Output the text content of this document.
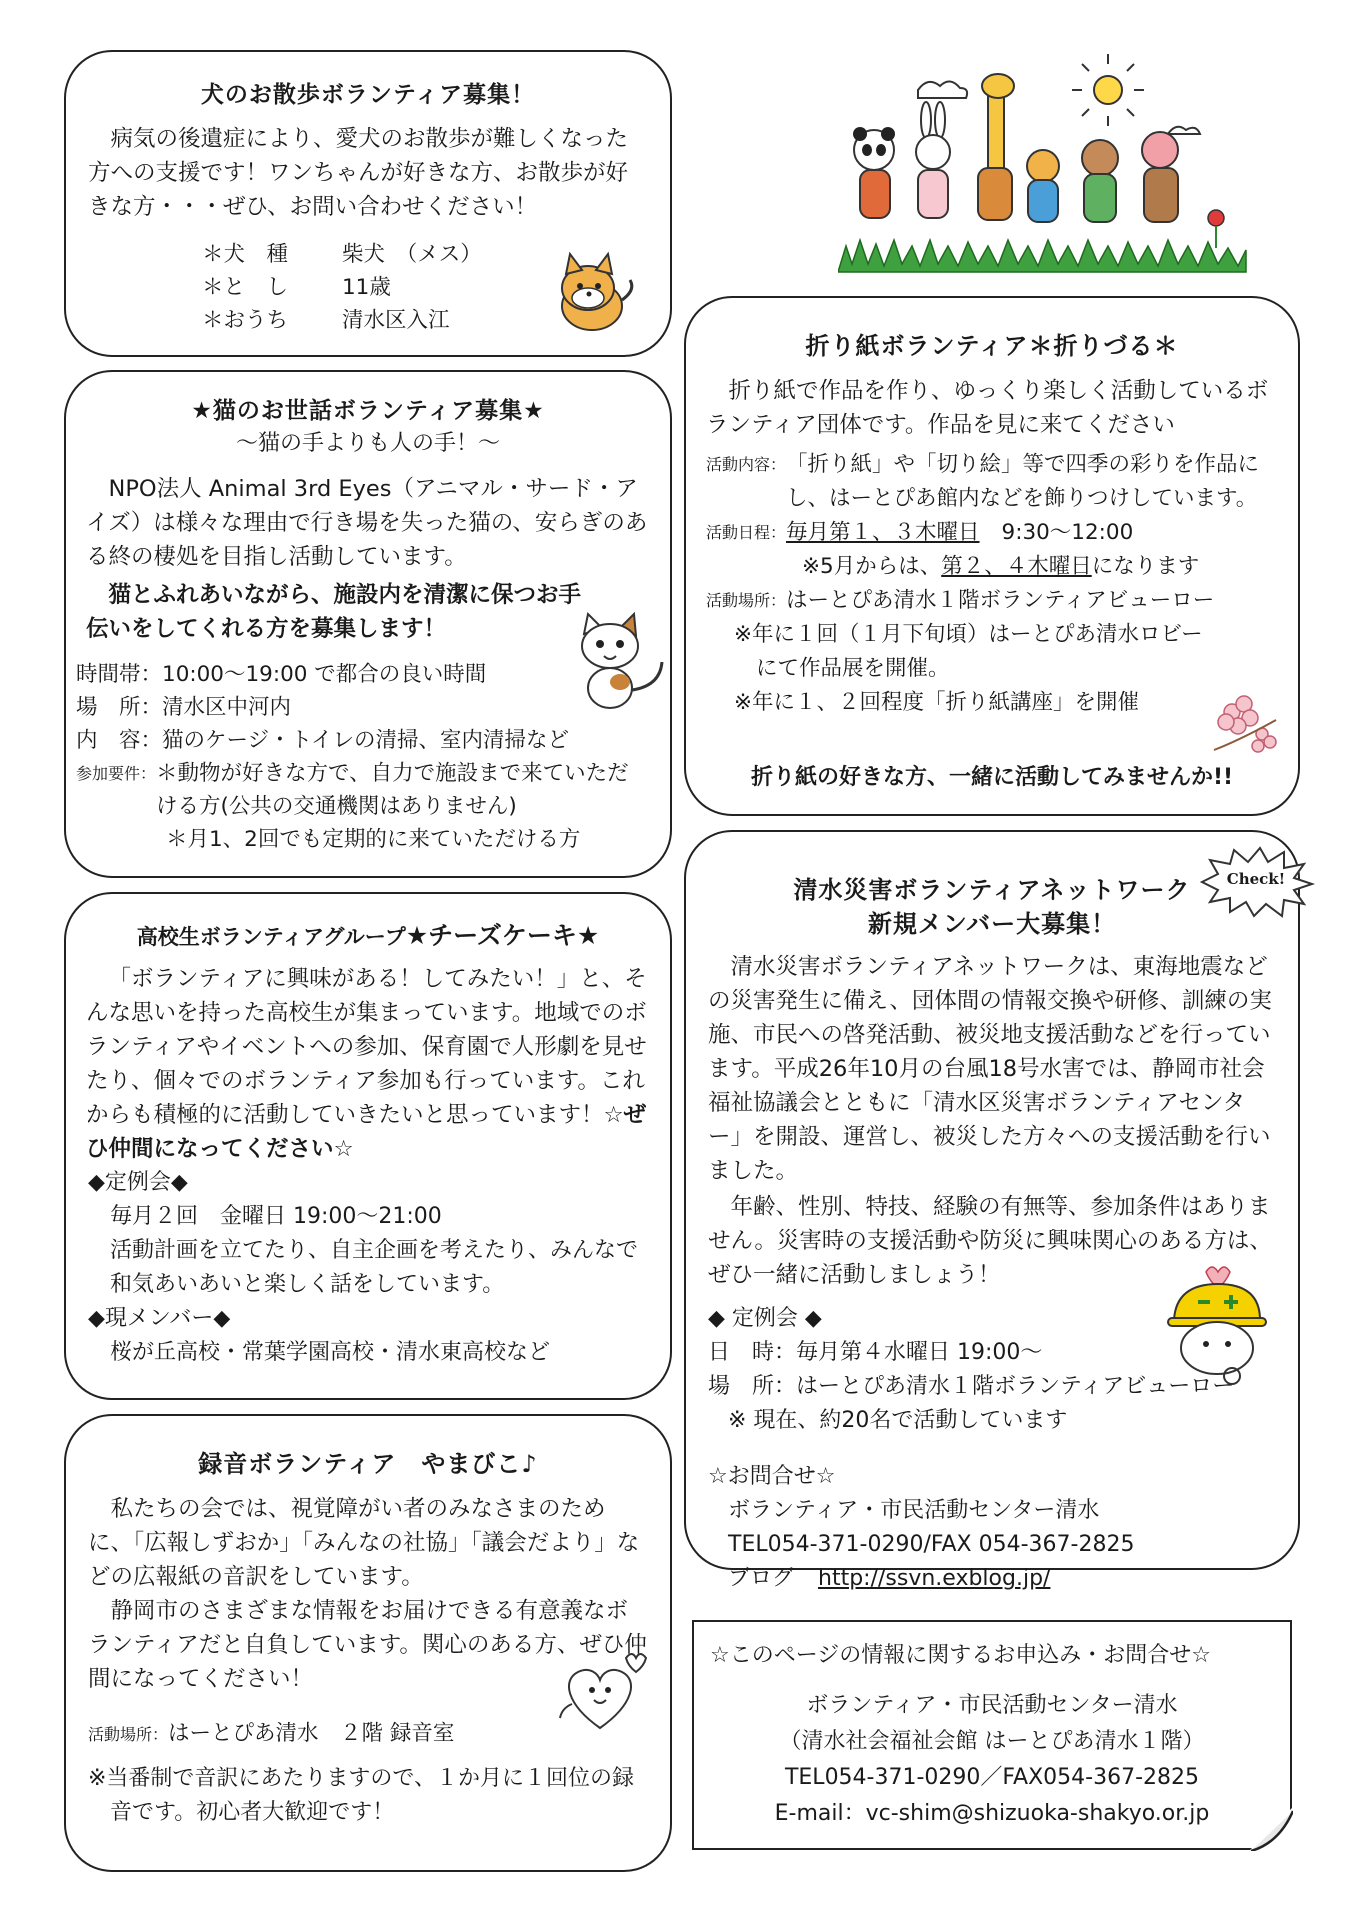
犬のお散歩ボランティア募集！

病気の後遺症により、愛犬のお散歩が難しくなった方への支援です！ワンちゃんが好きな方、お散歩が好きな方・・・ぜひ、お問い合わせください！

＊犬　種	柴犬　（メス）
＊と　し	11歳
＊おうち	清水区入江
★猫のお世話ボランティア募集★
～猫の手よりも人の手！～

NPO法人 Animal 3rd Eyes（アニマル・サード・アイズ）は様々な理由で行き場を失った猫の、安らぎのある終の棲処を目指し活動しています。

猫とふれあいながら、施設内を清潔に保つお手伝いをしてくれる方を募集します！

時間帯： 10:00～19:00 で都合の良い時間
場　所： 清水区中河内
内　容： 猫のケージ・トイレの清掃、室内清掃など
参加要件： ＊動物が好きな方で、自力で施設まで来ていただける方(公共の交通機関はありません)
＊月1、2回でも定期的に来ていただける方
高校生ボランティアグループ★チーズケーキ★

「ボランティアに興味がある！してみたい！」と、そんな思いを持った高校生が集まっています。地域でのボランティアやイベントへの参加、保育園で人形劇を見せたり、個々でのボランティア参加も行っています。これからも積極的に活動していきたいと思っています！☆ぜひ仲間になってください☆

◆定例会◆
毎月２回　金曜日 19:00～21:00
活動計画を立てたり、自主企画を考えたり、みんなで和気あいあいと楽しく話をしています。
◆現メンバー◆
桜が丘高校・常葉学園高校・清水東高校など
録音ボランティア　やまびこ♪

私たちの会では、視覚障がい者のみなさまのために、「広報しずおか」「みんなの社協」「議会だより」などの広報紙の音訳をしています。

静岡市のさまざまな情報をお届けできる有意義なボランティアだと自負しています。関心のある方、ぜひ仲間になってください！

活動場所：はーとぴあ清水　２階 録音室

※当番制で音訳にあたりますので、１か月に１回位の録音です。初心者大歓迎です！

折り紙ボランティア＊折りづる＊

折り紙で作品を作り、ゆっくり楽しく活動しているボランティア団体です。作品を見に来てください

活動内容： 「折り紙」や「切り絵」等で四季の彩りを作品にし、はーとぴあ館内などを飾りつけしています。
活動日程： 毎月第１、３木曜日 9:30～12:00
※5月からは、第２、４木曜日になります
活動場所： はーとぴあ清水１階ボランティアビューロー
※年に１回（１月下旬頃）はーとぴあ清水ロビーにて作品展を開催。
※年に１、２回程度「折り紙講座」を開催
折り紙の好きな方、一緒に活動してみませんか!!
清水災害ボランティアネットワーク
新規メンバー大募集！

清水災害ボランティアネットワークは、東海地震などの災害発生に備え、団体間の情報交換や研修、訓練の実施、市民への啓発活動、被災地支援活動などを行っています。平成26年10月の台風18号水害では、静岡市社会福祉協議会とともに「清水区災害ボランティアセンター」を開設、運営し、被災した方々への支援活動を行いました。

年齢、性別、特技、経験の有無等、参加条件はありません。災害時の支援活動や防災に興味関心のある方は、ぜひ一緒に活動しましょう！

◆ 定例会 ◆
日　時：毎月第４水曜日 19:00～
場　所：はーとぴあ清水１階ボランティアビューロー
※ 現在、約20名で活動しています
☆お問合せ☆
ボランティア・市民活動センター清水
TEL054-371-0290/FAX 054-367-2825
ブログ http://ssvn.exblog.jp/
Check!
☆このページの情報に関するお申込み・お問合せ☆
ボランティア・市民活動センター清水
（清水社会福祉会館 はーとぴあ清水１階）
TEL054-371-0290／FAX054-367-2825
E-mail：vc-shim@shizuoka-shakyo.or.jp
